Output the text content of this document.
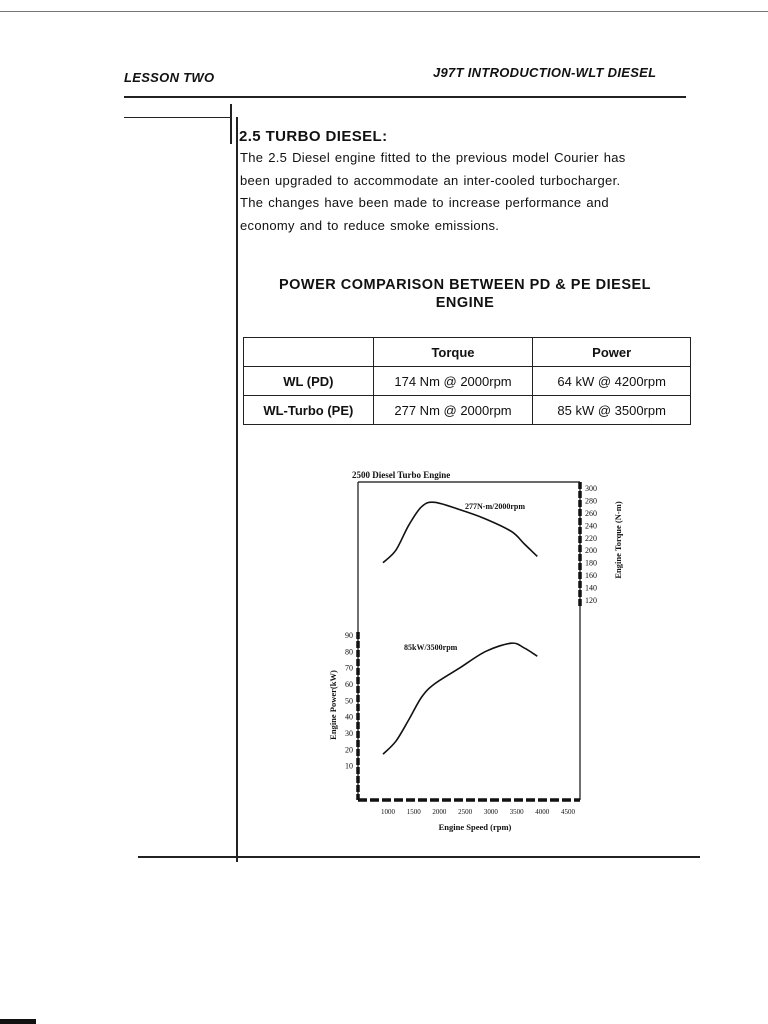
LESSON TWO	J97T INTRODUCTION-WLT DIESEL
2.5 TURBO DIESEL:
The 2.5 Diesel engine fitted to the previous model Courier has
been upgraded to accommodate an inter-cooled turbocharger.
The changes have been made to increase performance and
economy and to reduce smoke emissions.
POWER COMPARISON BETWEEN PD & PE DIESEL
ENGINE
	Torque	Power
WL (PD)	174 Nm @ 2000rpm	64 kW @ 4200rpm
WL-Turbo (PE)	277 Nm @ 2000rpm	85 kW @ 3500rpm
2500 Diesel Turbo Engine
120
140
160
180
200
220
240
260
280
300
10
20
30
40
50
60
70
80
90
1000 1500 2000 2500 3000 3500 4000 4500
277N-m/2000rpm
85kW/3500rpm
Engine Speed (rpm)
Engine Power(kW)
Engine Torque (N-m)
